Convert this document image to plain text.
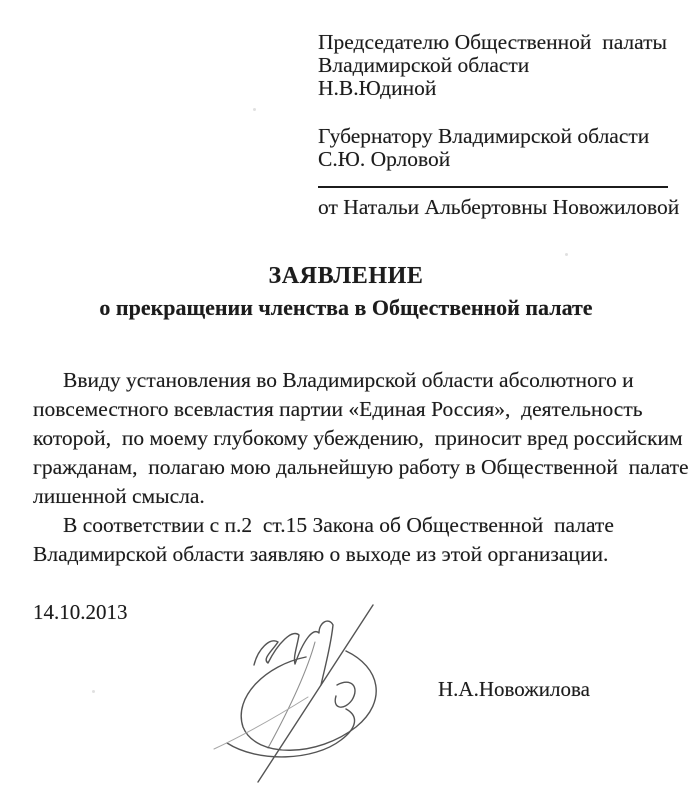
Председателю Общественной  палаты
Владимирской области
Н.В.Юдиной
Губернатору Владимирской области
С.Ю. Орловой
от Натальи Альбертовны Новожиловой
ЗАЯВЛЕНИЕ
о прекращении членства в Общественной палате
Ввиду установления во Владимирской области абсолютного и
повсеместного всевластия партии «Единая Россия»,  деятельность
которой,  по моему глубокому убеждению,  приносит вред российским
гражданам,  полагаю мою дальнейшую работу в Общественной  палате
лишенной смысла.
В соответствии с п.2  ст.15 Закона об Общественной  палате
Владимирской области заявляю о выходе из этой организации.
14.10.2013
Н.А.Новожилова
